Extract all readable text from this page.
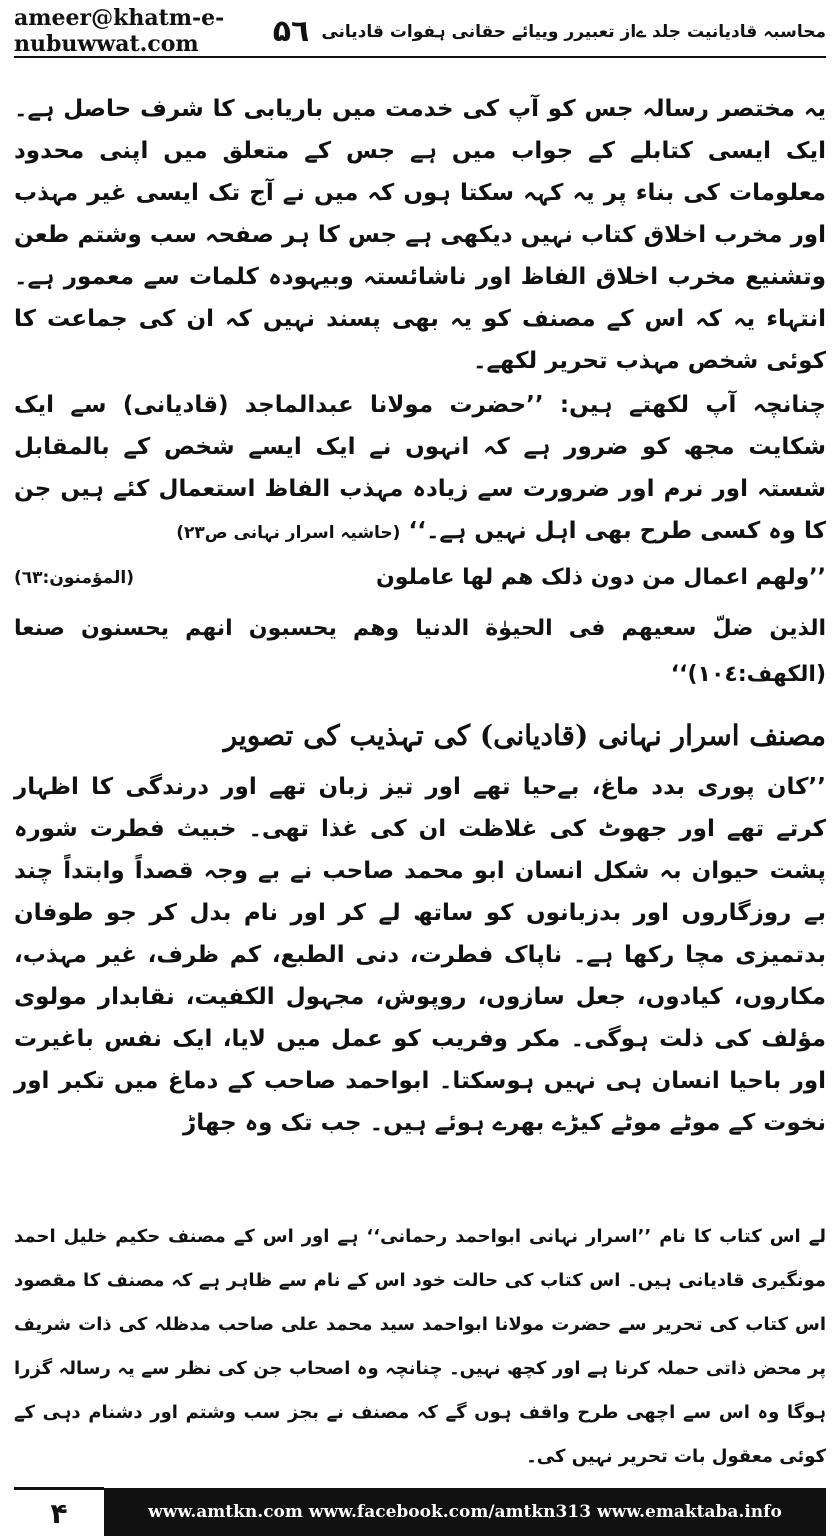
ameer@khatm-e-nubuwwat.com	۵٦ محاسبہ قادیانیت جلد ےاز تعبیرر وییائے حقانی ہفوات قادیانی

یہ مختصر رسالہ جس کو آپ کی خدمت میں باریابی کا شرف حاصل ہے۔ ایک ایسی کتابلے کے جواب میں ہے جس کے متعلق میں اپنی محدود معلومات کی بناء پر یہ کہہ سکتا ہوں کہ میں نے آج تک ایسی غیر مہذب اور مخرب اخلاق کتاب نہیں دیکھی ہے جس کا ہر صفحہ سب وشتم طعن وتشنیع مخرب اخلاق الفاظ اور ناشائستہ وبیہودہ کلمات سے معمور ہے۔ انتہاء یہ کہ اس کے مصنف کو یہ بھی پسند نہیں کہ ان کی جماعت کا کوئی شخص مہذب تحریر لکھے۔

چنانچہ آپ لکھتے ہیں: ’’حضرت مولانا عبدالماجد (قادیانی) سے ایک شکایت مجھ کو ضرور ہے کہ انہوں نے ایک ایسے شخص کے بالمقابل شستہ اور نرم اور ضرورت سے زیادہ مہذب الفاظ استعمال کئے ہیں جن کا وہ کسی طرح بھی اہل نہیں ہے۔‘‘ (حاشیہ اسرار نہانی ص۲۳)

’’ولهم اعمال من دون ذلک هم لها عاملون
(المؤمنون:٦٣)

الذین ضلّ سعیهم فی الحیوٰة الدنیا وهم یحسبون انهم یحسنون صنعا (الکهف:١٠٤)‘‘

مصنف اسرار نہانی (قادیانی) کی تہذیب کی تصویر

’’کان پوری بدد ماغ، بےحیا تھے اور تیز زبان تھے اور درندگی کا اظہار کرتے تھے اور جھوٹ کی غلاظت ان کی غذا تھی۔ خبیث فطرت شورہ پشت حیوان بہ شکل انسان ابو محمد صاحب نے بے وجہ قصداً وابتداً چند بے روزگاروں اور بدزبانوں کو ساتھ لے کر اور نام بدل کر جو طوفان بدتمیزی مچا رکھا ہے۔ ناپاک فطرت، دنی الطبع، کم ظرف، غیر مہذب، مکاروں، کیادوں، جعل سازوں، روپوش، مجہول الکفیت، نقابدار مولوی مؤلف کی ذلت ہوگی۔ مکر وفریب کو عمل میں لایا، ایک نفس باغیرت اور باحیا انسان ہی نہیں ہوسکتا۔ ابواحمد صاحب کے دماغ میں تکبر اور نخوت کے موٹے موٹے کیڑے بھرے ہوئے ہیں۔ جب تک وہ جھاڑ

لے اس کتاب کا نام ’’اسرار نہانی ابواحمد رحمانی‘‘ ہے اور اس کے مصنف حکیم خلیل احمد مونگیری قادیانی ہیں۔ اس کتاب کی حالت خود اس کے نام سے ظاہر ہے کہ مصنف کا مقصود اس کتاب کی تحریر سے حضرت مولانا ابواحمد سید محمد علی صاحب مدظلہ کی ذات شریف پر محض ذاتی حملہ کرنا ہے اور کچھ نہیں۔ چنانچہ وہ اصحاب جن کی نظر سے یہ رسالہ گزرا ہوگا وہ اس سے اچھی طرح واقف ہوں گے کہ مصنف نے بجز سب وشتم اور دشنام دہی کے کوئی معقول بات تحریر نہیں کی۔

۴	www.amtkn.com www.facebook.com/amtkn313 www.emaktaba.info
